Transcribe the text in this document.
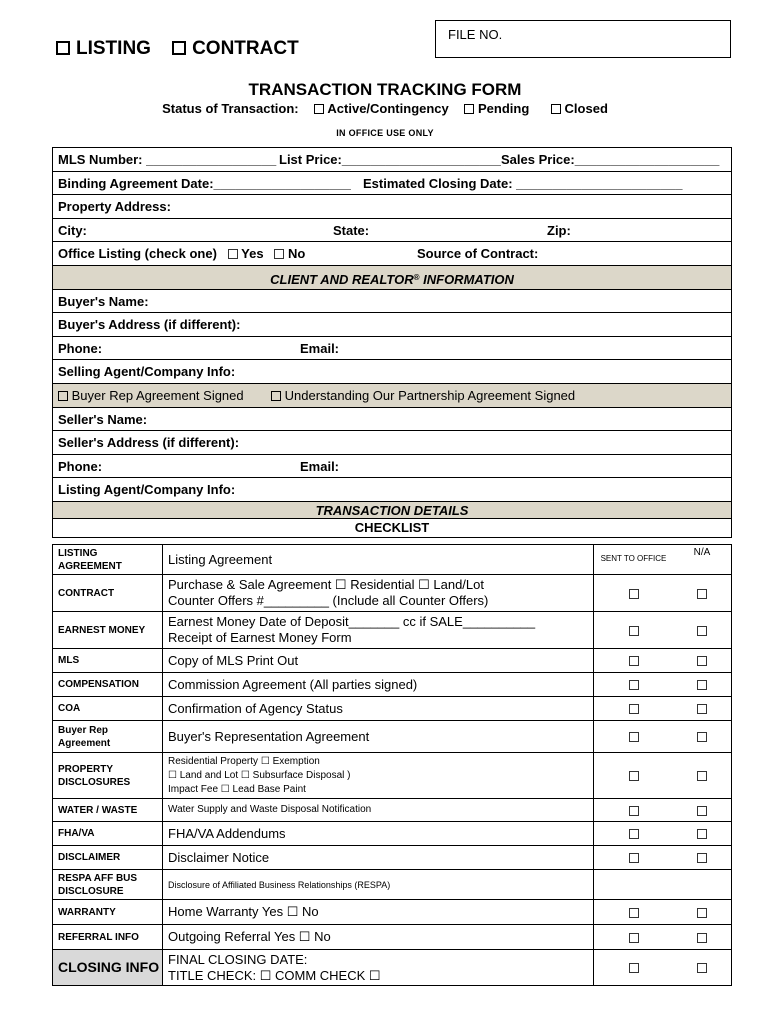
FILE NO.
LISTING CONTRACT
TRANSACTION TRACKING FORM
Status of Transaction: Active/Contingency Pending	Closed
IN OFFICE USE ONLY
MLS Number: __________________ List Price:______________________ Sales Price:____________________
Binding Agreement Date:___________________ Estimated Closing Date: _______________________
Property Address:
City:	State:	Zip:
Office Listing (check one) Yes No	Source of Contract:
CLIENT AND REALTOR® INFORMATION
Buyer's Name:
Buyer's Address (if different):
Phone:	Email:
Selling Agent/Company Info:
Buyer Rep Agreement Signed	Understanding Our Partnership Agreement Signed
Seller's Name:
Seller's Address (if different):
Phone:	Email:
Listing Agent/Company Info:
TRANSACTION DETAILS
CHECKLIST
LISTING AGREEMENT	Listing Agreement	SENT TO OFFICE	N/A
CONTRACT	Purchase & Sale Agreement ☐ Residential ☐ Land/Lot
Counter Offers #_________ (Include all Counter Offers)		

EARNEST MONEY	Earnest Money Date of Deposit_______ cc if SALE__________
Receipt of Earnest Money Form		

MLS	Copy of MLS Print Out		
COMPENSATION	Commission Agreement (All parties signed)		
COA	Confirmation of Agency Status		
Buyer Rep Agreement	Buyer's Representation Agreement		
PROPERTY DISCLOSURES	Residential Property ☐ Exemption
☐ Land and Lot ☐ Subsurface Disposal )
Impact Fee ☐ Lead Base Paint		

WATER / WASTE	Water Supply and Waste Disposal Notification		
FHA/VA	FHA/VA Addendums		
DISCLAIMER	Disclaimer Notice		
RESPA AFF BUS DISCLOSURE	Disclosure of Affiliated Business Relationships (RESPA)		
WARRANTY	Home Warranty Yes ☐ No		
REFERRAL INFO	Outgoing Referral Yes ☐ No		
CLOSING INFO	FINAL CLOSING DATE:
TITLE CHECK: ☐ COMM CHECK ☐		
